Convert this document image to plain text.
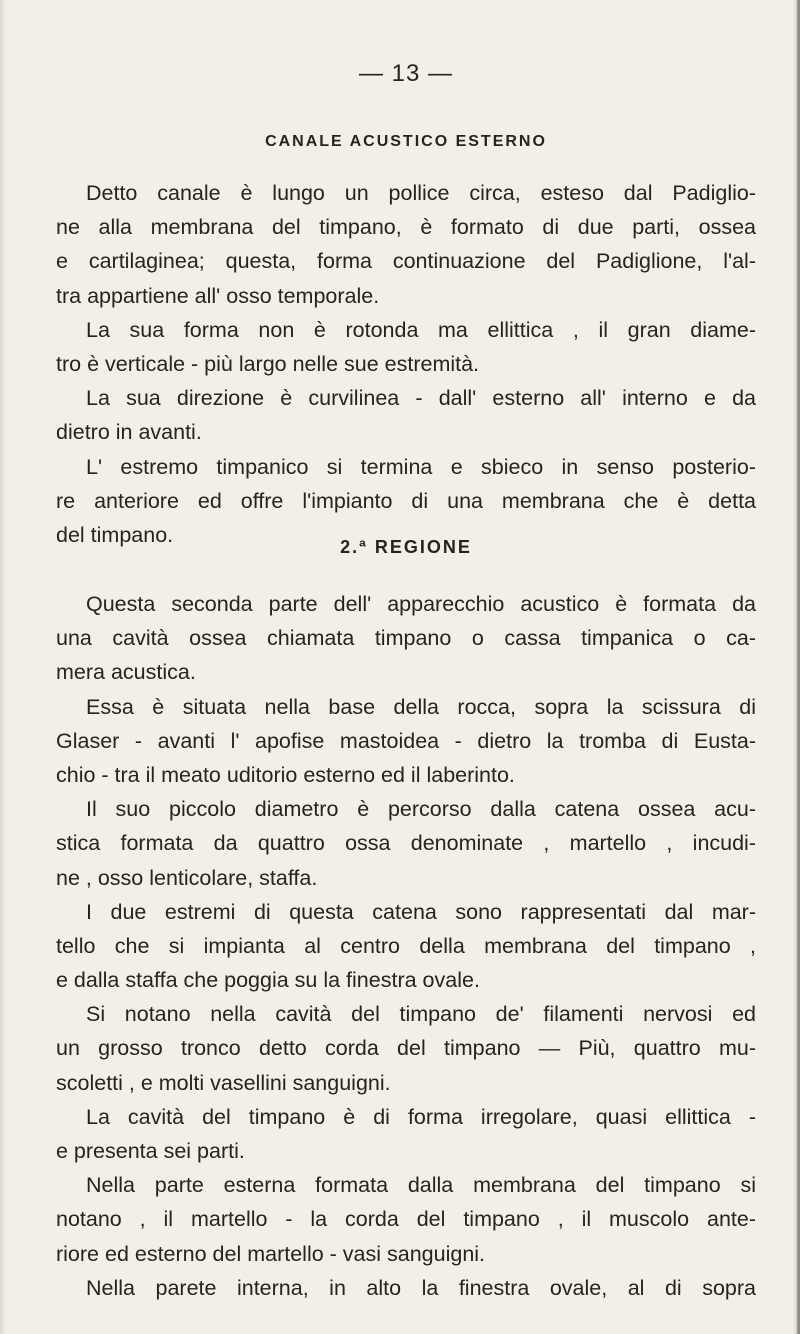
— 13 —
CANALE ACUSTICO ESTERNO
Detto canale è lungo un pollice circa, esteso dal Padiglio-
ne alla membrana del timpano, è formato di due parti, ossea
e cartilaginea; questa, forma continuazione del Padiglione, l'al-
tra appartiene all' osso temporale.
La sua forma non è rotonda ma ellittica , il gran diame-
tro è verticale - più largo nelle sue estremità.
La sua direzione è curvilinea - dall' esterno all' interno e da
dietro in avanti.
L' estremo timpanico si termina e sbieco in senso posterio-
re anteriore ed offre l'impianto di una membrana che è detta
del timpano.
2.ª REGIONE
Questa seconda parte dell' apparecchio acustico è formata da
una cavità ossea chiamata timpano o cassa timpanica o ca-
mera acustica.
Essa è situata nella base della rocca, sopra la scissura di
Glaser - avanti l' apofise mastoidea - dietro la tromba di Eusta-
chio - tra il meato uditorio esterno ed il laberinto.
Il suo piccolo diametro è percorso dalla catena ossea acu-
stica formata da quattro ossa denominate , martello , incudi-
ne , osso lenticolare, staffa.
I due estremi di questa catena sono rappresentati dal mar-
tello che si impianta al centro della membrana del timpano ,
e dalla staffa che poggia su la finestra ovale.
Si notano nella cavità del timpano de' filamenti nervosi ed
un grosso tronco detto corda del timpano — Più, quattro mu-
scoletti , e molti vasellini sanguigni.
La cavità del timpano è di forma irregolare, quasi ellittica -
e presenta sei parti.
Nella parte esterna formata dalla membrana del timpano si
notano , il martello - la corda del timpano , il muscolo ante-
riore ed esterno del martello - vasi sanguigni.
Nella parete interna, in alto la finestra ovale, al di sopra
